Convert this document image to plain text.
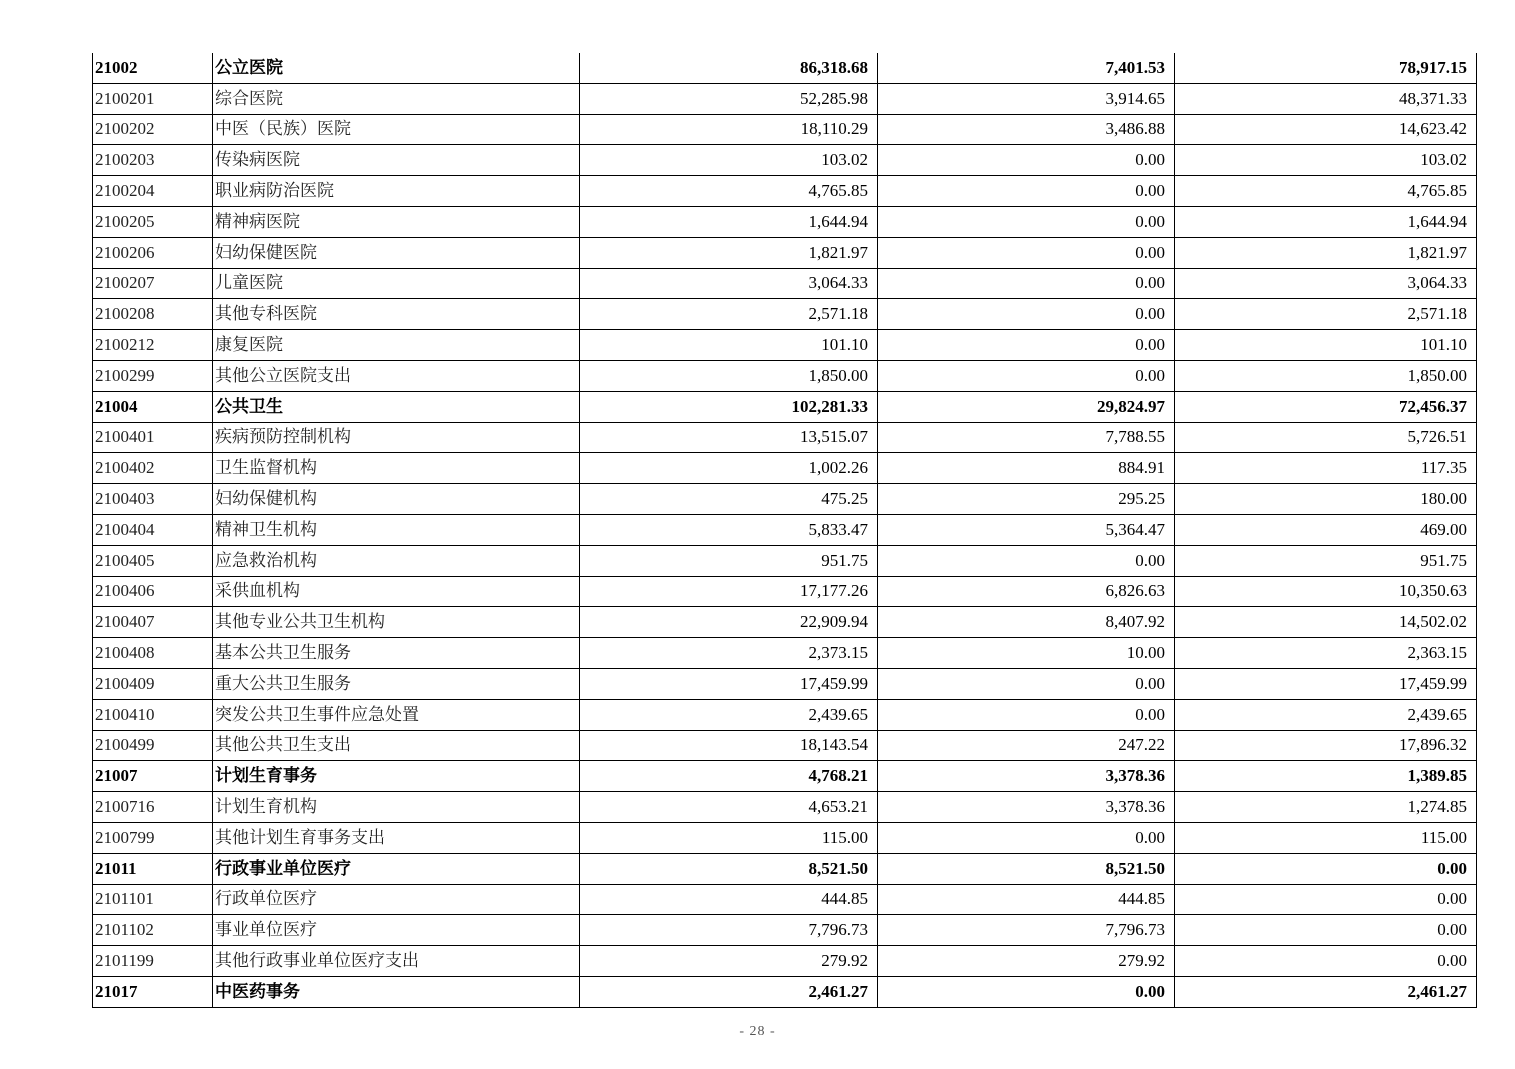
21002	公立医院	86,318.68	7,401.53	78,917.15
2100201	综合医院	52,285.98	3,914.65	48,371.33
2100202	中医（民族）医院	18,110.29	3,486.88	14,623.42
2100203	传染病医院	103.02	0.00	103.02
2100204	职业病防治医院	4,765.85	0.00	4,765.85
2100205	精神病医院	1,644.94	0.00	1,644.94
2100206	妇幼保健医院	1,821.97	0.00	1,821.97
2100207	儿童医院	3,064.33	0.00	3,064.33
2100208	其他专科医院	2,571.18	0.00	2,571.18
2100212	康复医院	101.10	0.00	101.10
2100299	其他公立医院支出	1,850.00	0.00	1,850.00
21004	公共卫生	102,281.33	29,824.97	72,456.37
2100401	疾病预防控制机构	13,515.07	7,788.55	5,726.51
2100402	卫生监督机构	1,002.26	884.91	117.35
2100403	妇幼保健机构	475.25	295.25	180.00
2100404	精神卫生机构	5,833.47	5,364.47	469.00
2100405	应急救治机构	951.75	0.00	951.75
2100406	采供血机构	17,177.26	6,826.63	10,350.63
2100407	其他专业公共卫生机构	22,909.94	8,407.92	14,502.02
2100408	基本公共卫生服务	2,373.15	10.00	2,363.15
2100409	重大公共卫生服务	17,459.99	0.00	17,459.99
2100410	突发公共卫生事件应急处置	2,439.65	0.00	2,439.65
2100499	其他公共卫生支出	18,143.54	247.22	17,896.32
21007	计划生育事务	4,768.21	3,378.36	1,389.85
2100716	计划生育机构	4,653.21	3,378.36	1,274.85
2100799	其他计划生育事务支出	115.00	0.00	115.00
21011	行政事业单位医疗	8,521.50	8,521.50	0.00
2101101	行政单位医疗	444.85	444.85	0.00
2101102	事业单位医疗	7,796.73	7,796.73	0.00
2101199	其他行政事业单位医疗支出	279.92	279.92	0.00
21017	中医药事务	2,461.27	0.00	2,461.27
- 28 -
